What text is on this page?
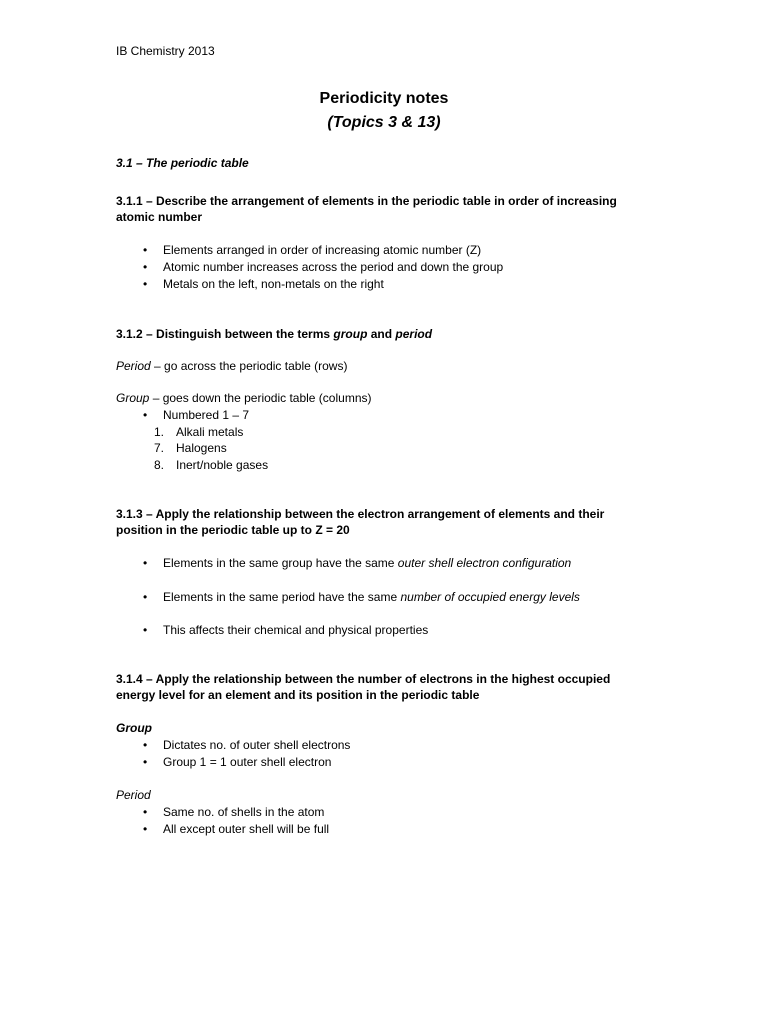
IB Chemistry 2013
Periodicity notes
(Topics 3 & 13)
3.1 – The periodic table
3.1.1 – Describe the arrangement of elements in the periodic table in order of increasing
atomic number
• Elements arranged in order of increasing atomic number (Z)
• Atomic number increases across the period and down the group
• Metals on the left, non-metals on the right
3.1.2 – Distinguish between the terms group and period
Period – go across the periodic table (rows)
Group – goes down the periodic table (columns)
• Numbered 1 – 7
1. Alkali metals
7. Halogens
8. Inert/noble gases
3.1.3 – Apply the relationship between the electron arrangement of elements and their
position in the periodic table up to Z = 20
• Elements in the same group have the same outer shell electron configuration
• Elements in the same period have the same number of occupied energy levels
• This affects their chemical and physical properties
3.1.4 – Apply the relationship between the number of electrons in the highest occupied
energy level for an element and its position in the periodic table
Group
• Dictates no. of outer shell electrons
• Group 1 = 1 outer shell electron
Period
• Same no. of shells in the atom
• All except outer shell will be full
